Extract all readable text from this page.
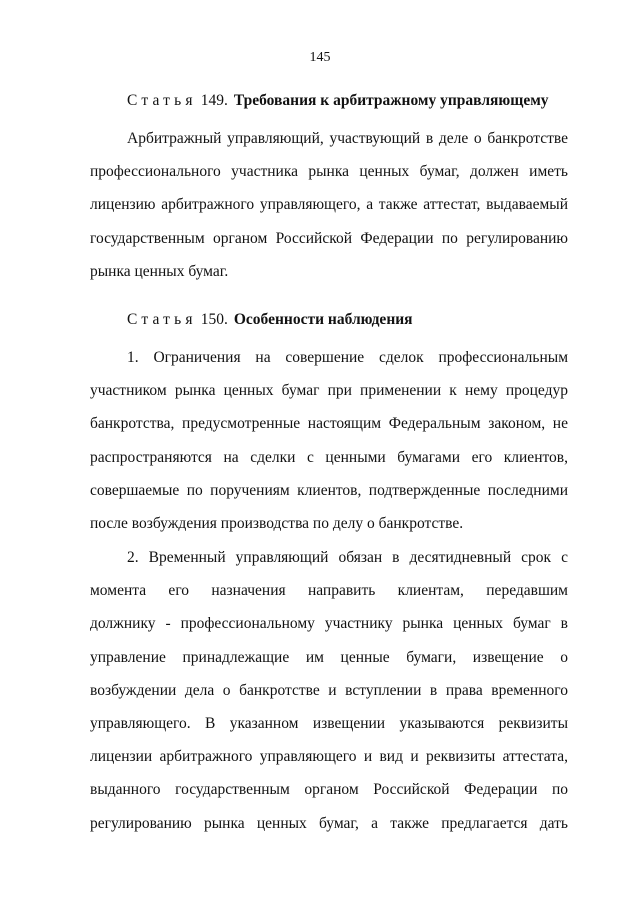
145
Статья 149. Требования к арбитражному управляющему
Арбитражный управляющий, участвующий в деле о банкротстве
профессионального участника рынка ценных бумаг, должен иметь
лицензию арбитражного управляющего, а также аттестат, выдаваемый
государственным органом Российской Федерации по регулированию
рынка ценных бумаг.
Статья 150. Особенности наблюдения
1. Ограничения на совершение сделок профессиональным
участником рынка ценных бумаг при применении к нему процедур
банкротства, предусмотренные настоящим Федеральным законом, не
распространяются на сделки с ценными бумагами его клиентов,
совершаемые по поручениям клиентов, подтвержденные последними
после возбуждения производства по делу о банкротстве.
2. Временный управляющий обязан в десятидневный срок с
момента его назначения направить клиентам, передавшим
должнику - профессиональному участнику рынка ценных бумаг в
управление принадлежащие им ценные бумаги, извещение о
возбуждении дела о банкротстве и вступлении в права временного
управляющего. В указанном извещении указываются реквизиты
лицензии арбитражного управляющего и вид и реквизиты аттестата,
выданного государственным органом Российской Федерации по
регулированию рынка ценных бумаг, а также предлагается дать
